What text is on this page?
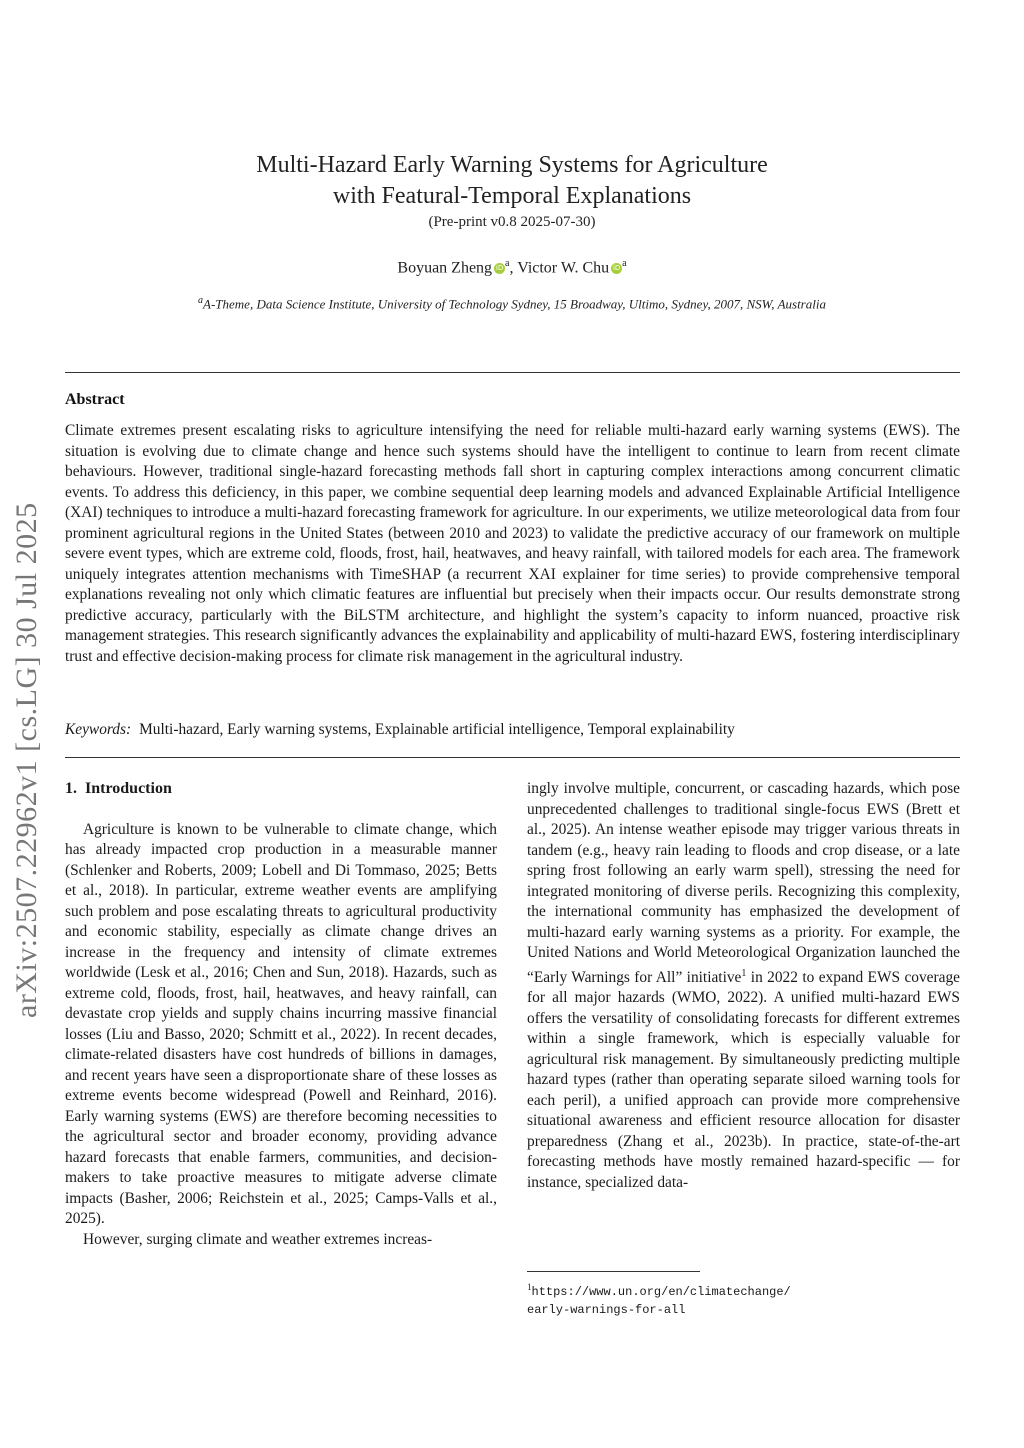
arXiv:2507.22962v1 [cs.LG] 30 Jul 2025
Multi-Hazard Early Warning Systems for Agriculture
with Featural-Temporal Explanations
(Pre-print v0.8 2025-07-30)
Boyuan Zheng iD $^a$, Victor W. Chu iD $^a$
$^a$A-Theme, Data Science Institute, University of Technology Sydney, 15 Broadway, Ultimo, Sydney, 2007, NSW, Australia
Abstract
Climate extremes present escalating risks to agriculture intensifying the need for reliable multi-hazard early warning systems (EWS). The situation is evolving due to climate change and hence such systems should have the intelligent to continue to learn from recent climate behaviours. However, traditional single-hazard forecasting methods fall short in capturing complex interactions among concurrent climatic events. To address this deficiency, in this paper, we combine sequential deep learning models and advanced Explainable Artificial Intelligence (XAI) techniques to introduce a multi-hazard forecasting framework for agriculture. In our experiments, we utilize meteorological data from four prominent agricultural regions in the United States (between 2010 and 2023) to validate the predictive accuracy of our framework on multiple severe event types, which are extreme cold, floods, frost, hail, heatwaves, and heavy rainfall, with tailored models for each area. The framework uniquely integrates attention mechanisms with TimeSHAP (a recurrent XAI explainer for time series) to provide comprehensive temporal explanations revealing not only which climatic features are influential but precisely when their impacts occur. Our results demonstrate strong predictive accuracy, particularly with the BiLSTM architecture, and highlight the system’s capacity to inform nuanced, proactive risk management strategies. This research significantly advances the explainability and applicability of multi-hazard EWS, fostering interdisciplinary trust and effective decision-making process for climate risk management in the agricultural industry.
Keywords: Multi-hazard, Early warning systems, Explainable artificial intelligence, Temporal explainability
1. Introduction

Agriculture is known to be vulnerable to climate change, which has already impacted crop production in a measurable manner (Schlenker and Roberts, 2009; Lobell and Di Tommaso, 2025; Betts et al., 2018). In particular, extreme weather events are amplifying such problem and pose escalating threats to agricultural productivity and economic stability, especially as climate change drives an increase in the frequency and intensity of climate extremes worldwide (Lesk et al., 2016; Chen and Sun, 2018). Hazards, such as extreme cold, floods, frost, hail, heatwaves, and heavy rainfall, can devastate crop yields and supply chains incurring massive financial losses (Liu and Basso, 2020; Schmitt et al., 2022). In recent decades, climate-related disasters have cost hundreds of billions in damages, and recent years have seen a disproportionate share of these losses as extreme events become widespread (Powell and Reinhard, 2016). Early warning systems (EWS) are therefore becoming necessities to the agricultural sector and broader economy, providing advance hazard forecasts that enable farmers, communities, and decision-makers to take proactive measures to mitigate adverse climate impacts (Basher, 2006; Reichstein et al., 2025; Camps-Valls et al., 2025).

However, surging climate and weather extremes increas-

ingly involve multiple, concurrent, or cascading hazards, which pose unprecedented challenges to traditional single-focus EWS (Brett et al., 2025). An intense weather episode may trigger various threats in tandem (e.g., heavy rain leading to floods and crop disease, or a late spring frost following an early warm spell), stressing the need for integrated monitoring of diverse perils. Recognizing this complexity, the international community has emphasized the development of multi-hazard early warning systems as a priority. For example, the United Nations and World Meteorological Organization launched the “Early Warnings for All” initiative$^1$ in 2022 to expand EWS coverage for all major hazards (WMO, 2022). A unified multi-hazard EWS offers the versatility of consolidating forecasts for different extremes within a single framework, which is especially valuable for agricultural risk management. By simultaneously predicting multiple hazard types (rather than operating separate siloed warning tools for each peril), a unified approach can provide more comprehensive situational awareness and efficient resource allocation for disaster preparedness (Zhang et al., 2023b). In practice, state-of-the-art forecasting methods have mostly remained hazard-specific — for instance, specialized data-

$^1$https://www.un.org/en/climatechange/
early-warnings-for-all
